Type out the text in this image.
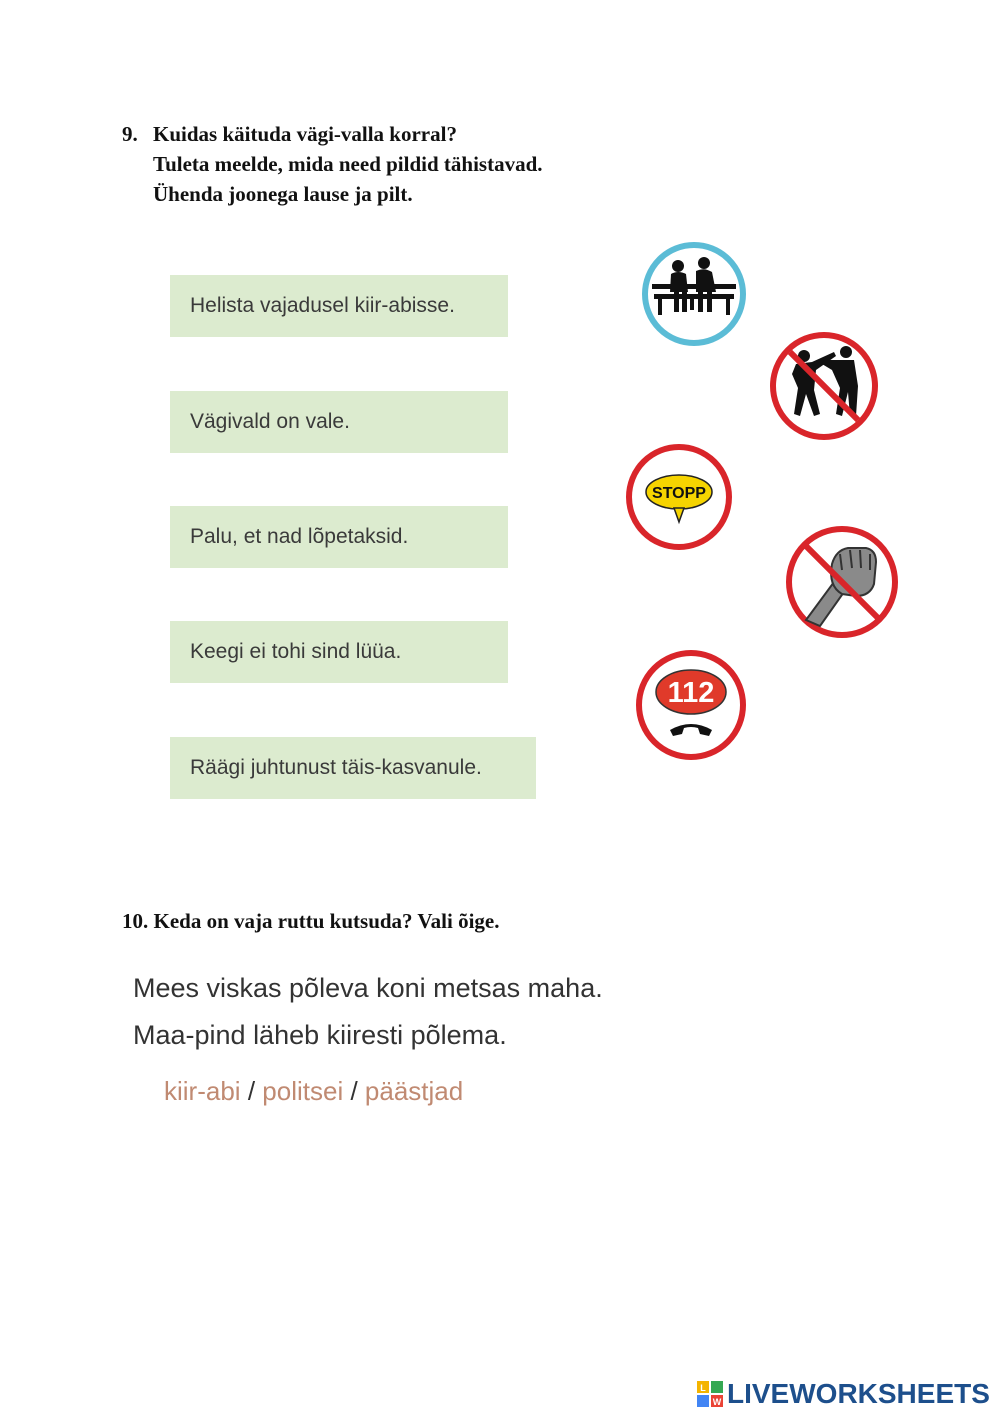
9. Kuidas käituda vägi-valla korral?
Tuleta meelde, mida need pildid tähistavad.
Ühenda joonega lause ja pilt.
Helista vajadusel kiir-abisse.
Vägivald on vale.
Palu, et nad lõpetaksid.
Keegi ei tohi sind lüüa.
Räägi juhtunust täis-kasvanule.
STOPP
112
10. Keda on vaja ruttu kutsuda? Vali õige.
Mees viskas põleva koni metsas maha.
Maa-pind läheb kiiresti põlema.
kiir-abi / politsei / päästjad
L
W LIVEWORKSHEETS
